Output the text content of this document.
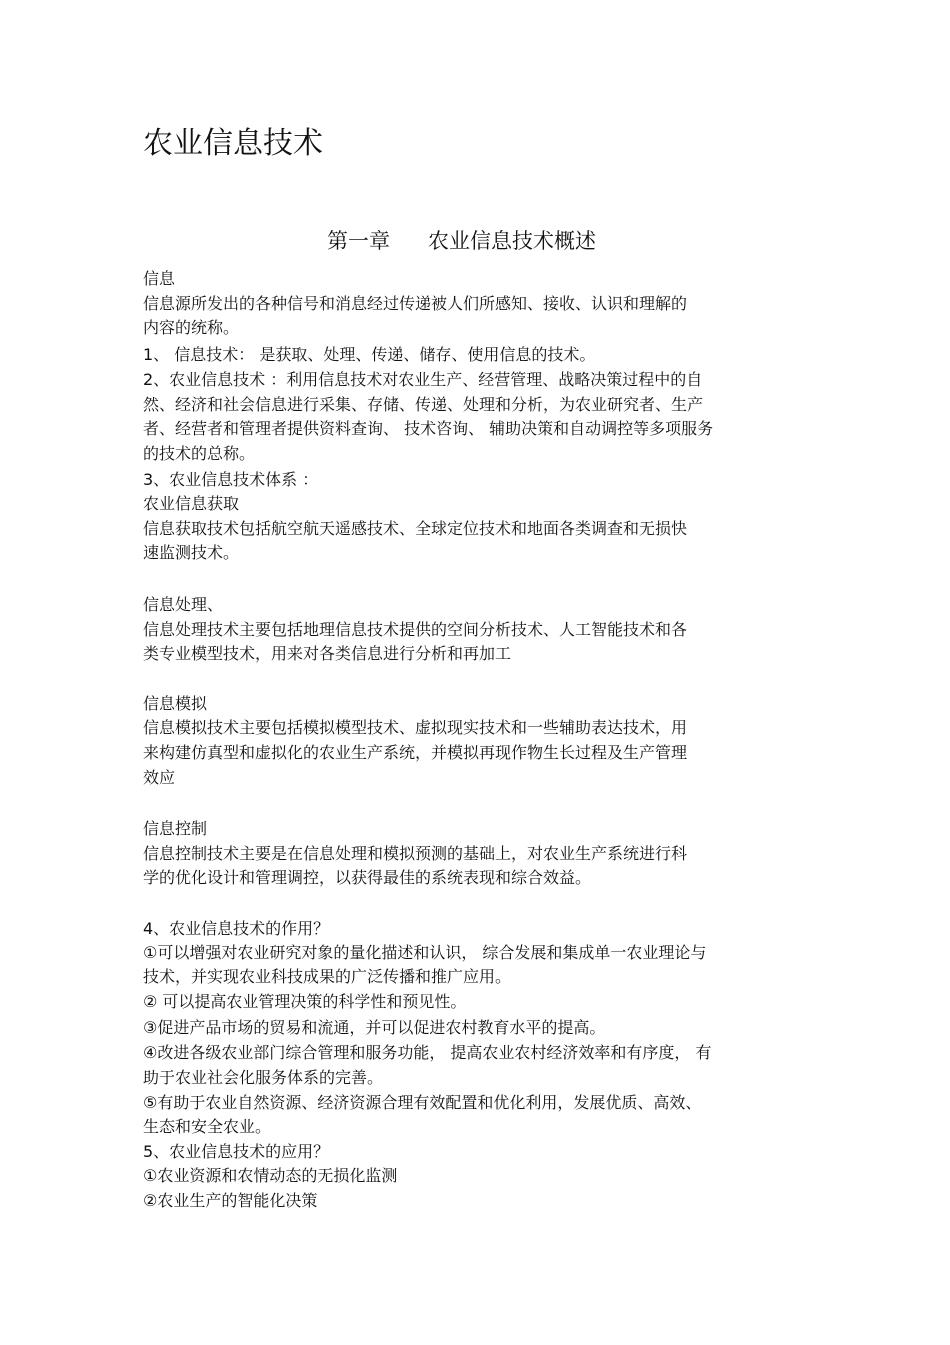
农业信息技术
第一章 农业信息技术概述
信息
信息源所发出的各种信号和消息经过传递被人们所感知、接收、认识和理解的
内容的统称。
1、 信息技术： 是获取、处理、传递、储存、使用信息的技术。
2、农业信息技术 ：利用信息技术对农业生产、经营管理、战略决策过程中的自
然、经济和社会信息进行采集、存储、传递、处理和分析，为农业研究者、生产
者、经营者和管理者提供资料查询、 技术咨询、 辅助决策和自动调控等多项服务
的技术的总称。
3、农业信息技术体系 ：
农业信息获取
信息获取技术包括航空航天遥感技术、全球定位技术和地面各类调查和无损快
速监测技术。
信息处理、
信息处理技术主要包括地理信息技术提供的空间分析技术、人工智能技术和各
类专业模型技术，用来对各类信息进行分析和再加工
信息模拟
信息模拟技术主要包括模拟模型技术、虚拟现实技术和一些辅助表达技术，用
来构建仿真型和虚拟化的农业生产系统，并模拟再现作物生长过程及生产管理
效应
信息控制
信息控制技术主要是在信息处理和模拟预测的基础上，对农业生产系统进行科
学的优化设计和管理调控，以获得最佳的系统表现和综合效益。
4、农业信息技术的作用？
①可以增强对农业研究对象的量化描述和认识， 综合发展和集成单一农业理论与
技术，并实现农业科技成果的广泛传播和推广应用。
② 可以提高农业管理决策的科学性和预见性。
③促进产品市场的贸易和流通，并可以促进农村教育水平的提高。
④改进各级农业部门综合管理和服务功能， 提高农业农村经济效率和有序度， 有
助于农业社会化服务体系的完善。
⑤有助于农业自然资源、经济资源合理有效配置和优化利用，发展优质、高效、
生态和安全农业。
5、农业信息技术的应用？
①农业资源和农情动态的无损化监测
②农业生产的智能化决策
